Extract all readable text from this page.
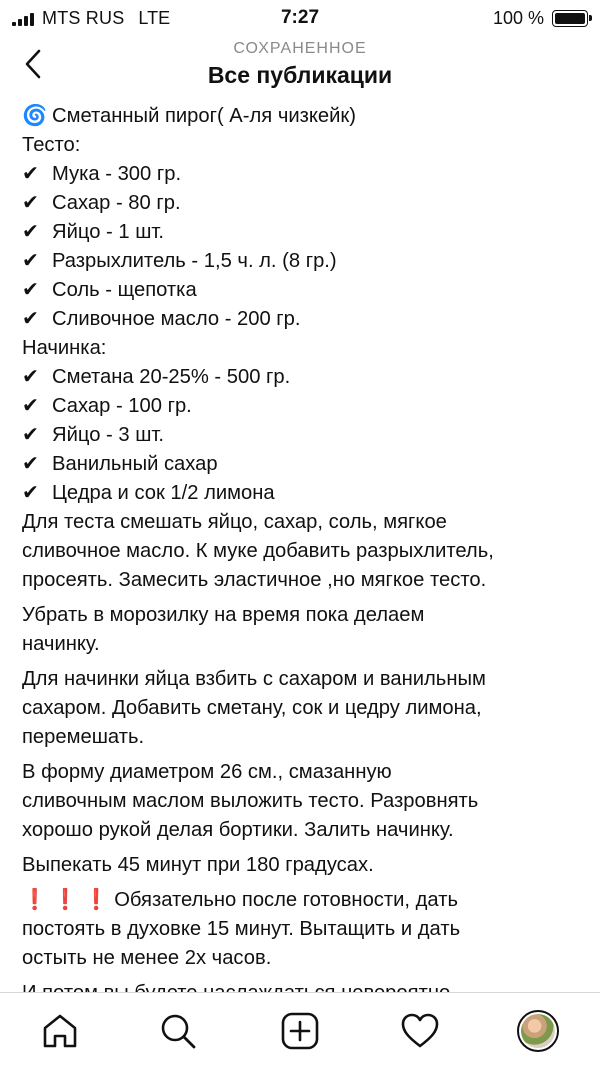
MTS RUS LTE	7:27	100 %
СОХРАНЕННОЕ
Все публикации
🌀 Сметанный пирог( А-ля чизкейк)
Тесто:
✔ Мука - 300 гр.
✔ Сахар - 80 гр.
✔ Яйцо - 1 шт.
✔ Разрыхлитель - 1,5 ч. л. (8 гр.)
✔ Соль - щепотка
✔ Сливочное масло - 200 гр.
Начинка:
✔ Сметана 20-25% - 500 гр.
✔ Сахар - 100 гр.
✔ Яйцо - 3 шт.
✔ Ванильный сахар
✔ Цедра и сок 1/2 лимона
Для теста смешать яйцо, сахар, соль, мягкое
сливочное масло. К муке добавить разрыхлитель,
просеять. Замесить эластичное ,но мягкое тесто.
Убрать в морозилку на время пока делаем
начинку.
Для начинки яйца взбить с сахаром и ванильным
сахаром. Добавить сметану, сок и цедру лимона,
перемешать.
В форму диаметром 26 см., смазанную
сливочным маслом выложить тесто. Разровнять
хорошо рукой делая бортики. Залить начинку.
Выпекать 45 минут при 180 градусах.
❗ ❗ ❗ Обязательно после готовности, дать
постоять в духовке 15 минут. Вытащить и дать
остыть не менее 2х часов.
